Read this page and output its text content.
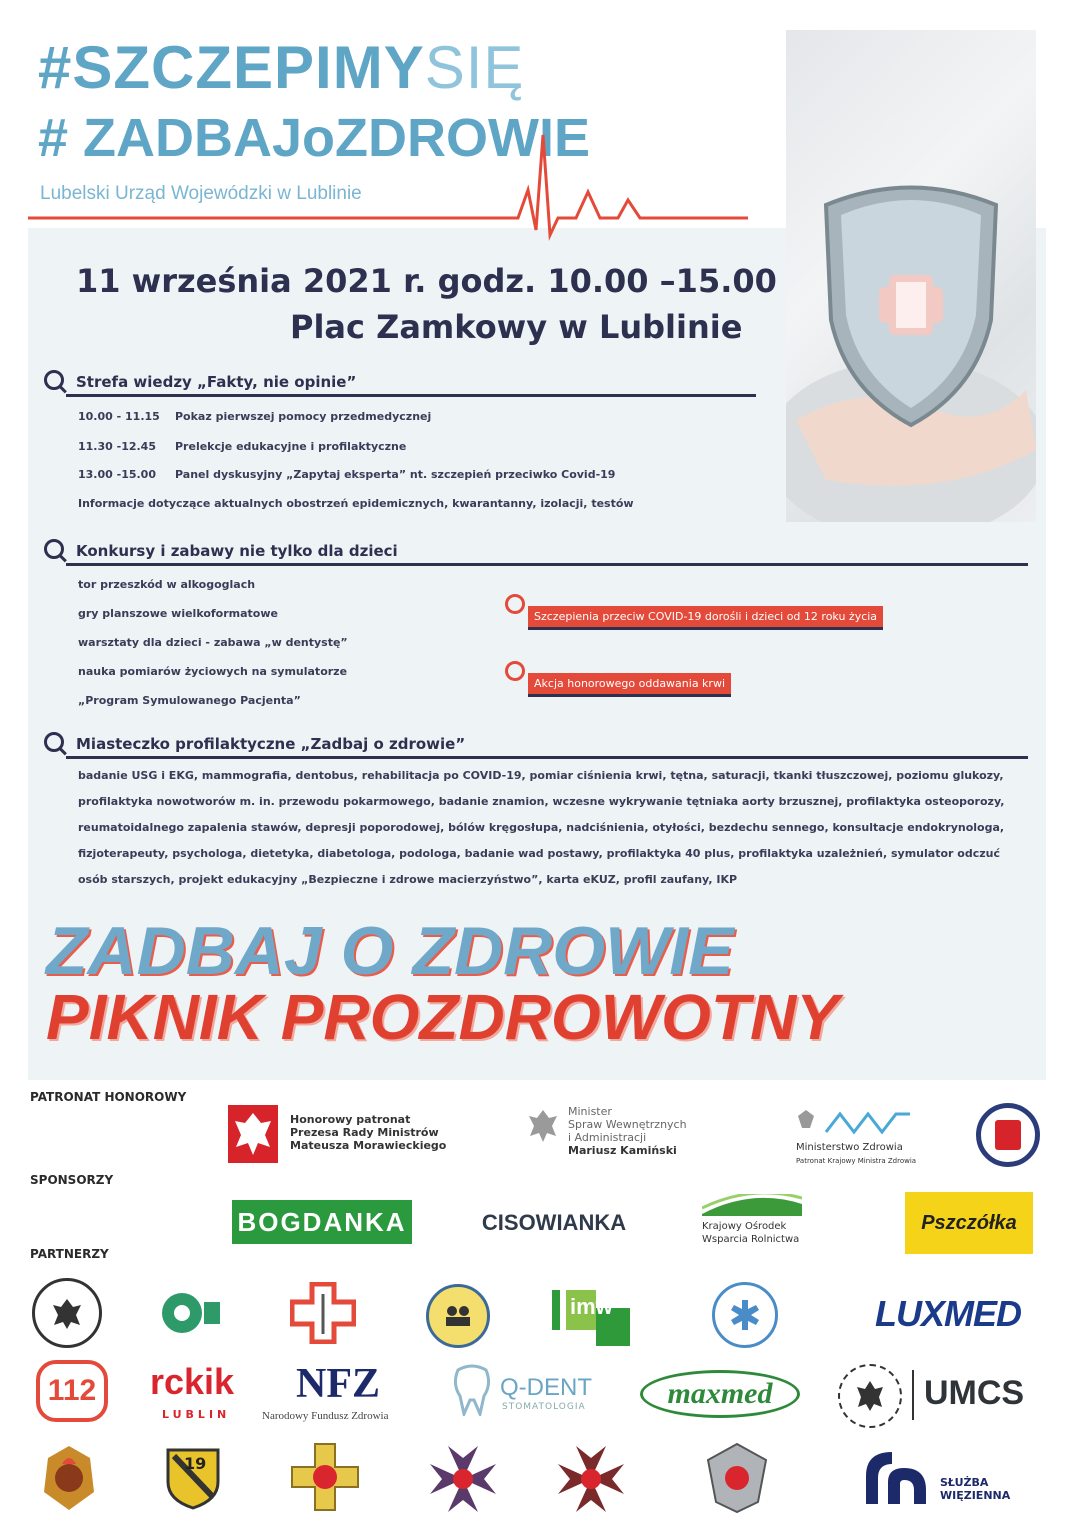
#SZCZEPIMYSIĘ
# ZADBAJoZDROWIE
Lubelski Urząd Wojewódzki w Lublinie
11 września 2021 r. godz. 10.00 –15.00
Plac Zamkowy w Lublinie
Strefa wiedzy „Fakty, nie opinie”
10.00 - 11.15 Pokaz pierwszej pomocy przedmedycznej
11.30 -12.45 Prelekcje edukacyjne i profilaktyczne
13.00 -15.00 Panel dyskusyjny „Zapytaj eksperta” nt. szczepień przeciwko Covid-19
Informacje dotyczące aktualnych obostrzeń epidemicznych, kwarantanny, izolacji, testów
Konkursy i zabawy nie tylko dla dzieci
tor przeszkód w alkogoglach
gry planszowe wielkoformatowe
warsztaty dla dzieci - zabawa „w dentystę”
nauka pomiarów życiowych na symulatorze
„Program Symulowanego Pacjenta”
Szczepienia przeciw COVID-19 dorośli i dzieci od 12 roku życia
Akcja honorowego oddawania krwi
Miasteczko profilaktyczne „Zadbaj o zdrowie”
badanie USG i EKG, mammografia, dentobus, rehabilitacja po COVID-19, pomiar ciśnienia krwi, tętna, saturacji, tkanki tłuszczowej, poziomu glukozy,
profilaktyka nowotworów m. in. przewodu pokarmowego, badanie znamion, wczesne wykrywanie tętniaka aorty brzusznej, profilaktyka osteoporozy,
reumatoidalnego zapalenia stawów, depresji poporodowej, bólów kręgosłupa, nadciśnienia, otyłości, bezdechu sennego, konsultacje endokrynologa,
fizjoterapeuty, psychologa, dietetyka, diabetologa, podologa, badanie wad postawy, profilaktyka 40 plus, profilaktyka uzależnień, symulator odczuć
osób starszych, projekt edukacyjny „Bezpieczne i zdrowe macierzyństwo”, karta eKUZ, profil zaufany, IKP
ZADBAJ O ZDROWIE
PIKNIK PROZDROWOTNY
PATRONAT HONOROWY
Honorowy patronat
Prezesa Rady Ministrów
Mateusza Morawieckiego
Minister
Spraw Wewnętrznych
i Administracji
Mariusz Kamiński	Ministerstwo Zdrowia
Patronat Krajowy Ministra Zdrowia
SPONSORZY
BOGDANKA	CISOWIANKA	Krajowy Ośrodek
Wsparcia Rolnictwa
Pszczółka
PARTNERZY
imw	LUXMED
112	rckik
LUBLIN
NFZ
Narodowy Fundusz Zdrowia
Q-DENT
STOMATOLOGIA	maxmed	UMCS
19
SŁUŻBA
WIĘZIENNA
